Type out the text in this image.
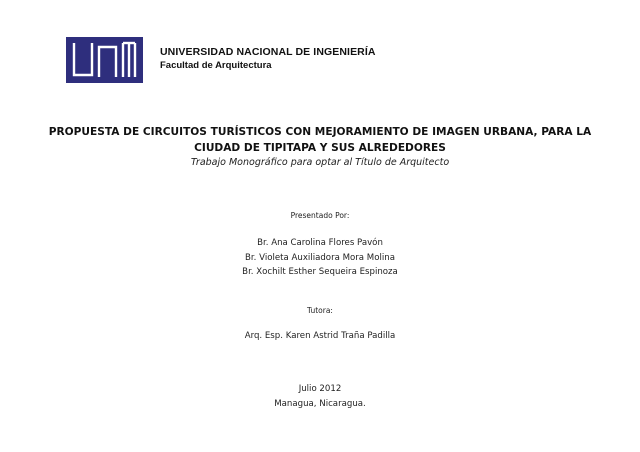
UNIVERSIDAD NACIONAL DE INGENIERÍA
Facultad de Arquitectura
PROPUESTA DE CIRCUITOS TURÍSTICOS CON MEJORAMIENTO DE IMAGEN URBANA, PARA LA
CIUDAD DE TIPITAPA Y SUS ALREDEDORES
Trabajo Monográfico para optar al Título de Arquitecto
Presentado Por:
Br. Ana Carolina Flores Pavón
Br. Violeta Auxiliadora Mora Molina
Br. Xochilt Esther Sequeira Espinoza
Tutora:
Arq. Esp. Karen Astrid Traña Padilla
Julio 2012
Managua, Nicaragua.
